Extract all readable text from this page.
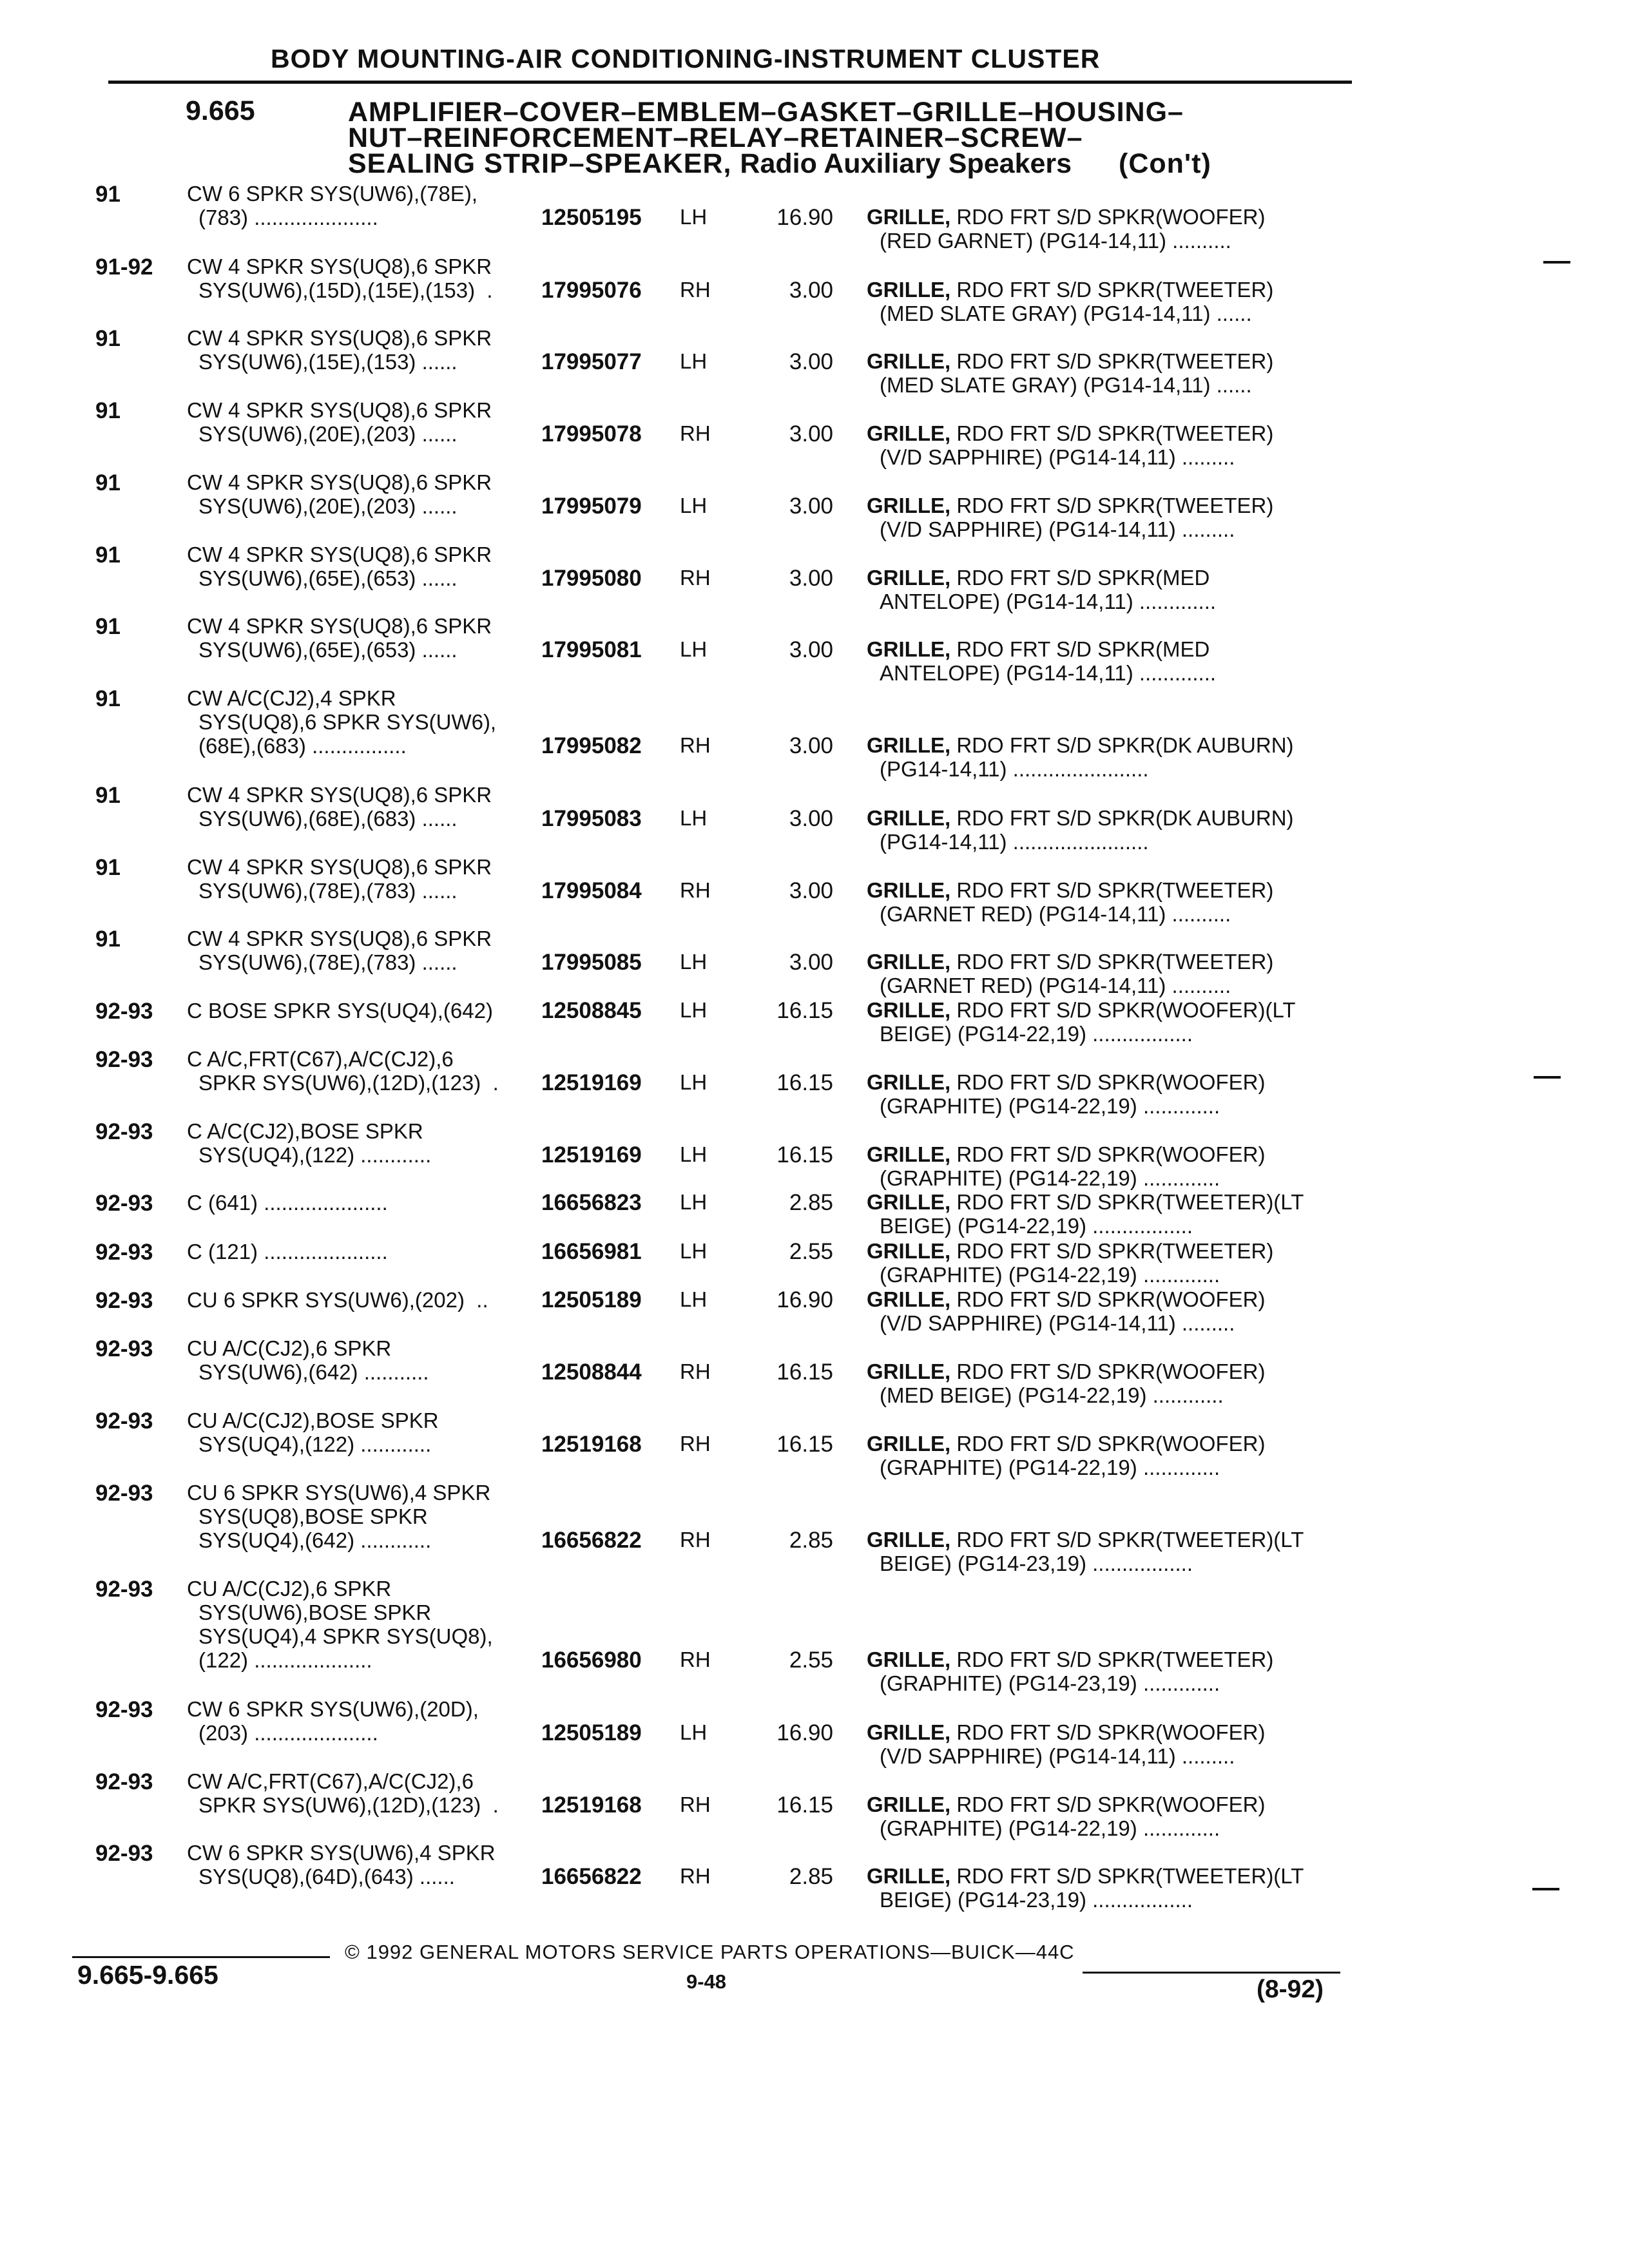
BODY MOUNTING-AIR CONDITIONING-INSTRUMENT CLUSTER
9.665	AMPLIFIER–COVER–EMBLEM–GASKET–GRILLE–HOUSING–
NUT–REINFORCEMENT–RELAY–RETAINER–SCREW–
SEALING STRIP–SPEAKER, Radio Auxiliary Speakers (Con't)
91	CW 6 SPKR SYS(UW6),(78E),
(783) .....................	12505195 LH	16.90 GRILLE, RDO FRT S/D SPKR(WOOFER)
(RED GARNET) (PG14-14,11) ..........
91-92 CW 4 SPKR SYS(UQ8),6 SPKR
SYS(UW6),(15D),(15E),(153)  . 17995076 RH	3.00 GRILLE, RDO FRT S/D SPKR(TWEETER)
(MED SLATE GRAY) (PG14-14,11) ......
91	CW 4 SPKR SYS(UQ8),6 SPKR
SYS(UW6),(15E),(153) ......	17995077 LH	3.00 GRILLE, RDO FRT S/D SPKR(TWEETER)
(MED SLATE GRAY) (PG14-14,11) ......
91	CW 4 SPKR SYS(UQ8),6 SPKR
SYS(UW6),(20E),(203) ......	17995078 RH	3.00 GRILLE, RDO FRT S/D SPKR(TWEETER)
(V/D SAPPHIRE) (PG14-14,11) .........
91	CW 4 SPKR SYS(UQ8),6 SPKR
SYS(UW6),(20E),(203) ......	17995079 LH	3.00 GRILLE, RDO FRT S/D SPKR(TWEETER)
(V/D SAPPHIRE) (PG14-14,11) .........
91	CW 4 SPKR SYS(UQ8),6 SPKR
SYS(UW6),(65E),(653) ......	17995080 RH	3.00 GRILLE, RDO FRT S/D SPKR(MED
ANTELOPE) (PG14-14,11) .............
91	CW 4 SPKR SYS(UQ8),6 SPKR
SYS(UW6),(65E),(653) ......	17995081 LH	3.00 GRILLE, RDO FRT S/D SPKR(MED
ANTELOPE) (PG14-14,11) .............
91	CW A/C(CJ2),4 SPKR
SYS(UQ8),6 SPKR SYS(UW6),
(68E),(683) ................	17995082 RH	3.00 GRILLE, RDO FRT S/D SPKR(DK AUBURN)
(PG14-14,11) .......................
91	CW 4 SPKR SYS(UQ8),6 SPKR
SYS(UW6),(68E),(683) ......	17995083 LH	3.00 GRILLE, RDO FRT S/D SPKR(DK AUBURN)
(PG14-14,11) .......................
91	CW 4 SPKR SYS(UQ8),6 SPKR
SYS(UW6),(78E),(783) ......	17995084 RH	3.00 GRILLE, RDO FRT S/D SPKR(TWEETER)
(GARNET RED) (PG14-14,11) ..........
91	CW 4 SPKR SYS(UQ8),6 SPKR
SYS(UW6),(78E),(783) ......	17995085 LH	3.00 GRILLE, RDO FRT S/D SPKR(TWEETER)
(GARNET RED) (PG14-14,11) ..........
92-93 C BOSE SPKR SYS(UQ4),(642) 12508845 LH	16.15 GRILLE, RDO FRT S/D SPKR(WOOFER)(LT
BEIGE) (PG14-22,19) .................
92-93 C A/C,FRT(C67),A/C(CJ2),6
SPKR SYS(UW6),(12D),(123)  . 12519169 LH	16.15 GRILLE, RDO FRT S/D SPKR(WOOFER)
(GRAPHITE) (PG14-22,19) .............
92-93 C A/C(CJ2),BOSE SPKR
SYS(UQ4),(122) ............	12519169 LH	16.15 GRILLE, RDO FRT S/D SPKR(WOOFER)
(GRAPHITE) (PG14-22,19) .............
92-93 C (641) .....................	16656823 LH	2.85 GRILLE, RDO FRT S/D SPKR(TWEETER)(LT
BEIGE) (PG14-22,19) .................
92-93 C (121) .....................	16656981 LH	2.55 GRILLE, RDO FRT S/D SPKR(TWEETER)
(GRAPHITE) (PG14-22,19) .............
92-93 CU 6 SPKR SYS(UW6),(202)  .. 12505189 LH	16.90 GRILLE, RDO FRT S/D SPKR(WOOFER)
(V/D SAPPHIRE) (PG14-14,11) .........
92-93 CU A/C(CJ2),6 SPKR
SYS(UW6),(642) ...........	12508844 RH	16.15 GRILLE, RDO FRT S/D SPKR(WOOFER)
(MED BEIGE) (PG14-22,19) ............
92-93 CU A/C(CJ2),BOSE SPKR
SYS(UQ4),(122) ............	12519168 RH	16.15 GRILLE, RDO FRT S/D SPKR(WOOFER)
(GRAPHITE) (PG14-22,19) .............
92-93 CU 6 SPKR SYS(UW6),4 SPKR
SYS(UQ8),BOSE SPKR
SYS(UQ4),(642) ............	16656822 RH	2.85 GRILLE, RDO FRT S/D SPKR(TWEETER)(LT
BEIGE) (PG14-23,19) .................
92-93 CU A/C(CJ2),6 SPKR
SYS(UW6),BOSE SPKR
SYS(UQ4),4 SPKR SYS(UQ8),
(122) ....................	16656980 RH	2.55 GRILLE, RDO FRT S/D SPKR(TWEETER)
(GRAPHITE) (PG14-23,19) .............
92-93 CW 6 SPKR SYS(UW6),(20D),
(203) .....................	12505189 LH	16.90 GRILLE, RDO FRT S/D SPKR(WOOFER)
(V/D SAPPHIRE) (PG14-14,11) .........
92-93 CW A/C,FRT(C67),A/C(CJ2),6
SPKR SYS(UW6),(12D),(123)  . 12519168 RH	16.15 GRILLE, RDO FRT S/D SPKR(WOOFER)
(GRAPHITE) (PG14-22,19) .............
92-93 CW 6 SPKR SYS(UW6),4 SPKR
SYS(UQ8),(64D),(643) ......	16656822 RH	2.85 GRILLE, RDO FRT S/D SPKR(TWEETER)(LT
BEIGE) (PG14-23,19) .................
© 1992 GENERAL MOTORS SERVICE PARTS OPERATIONS—BUICK—44C
9.665-9.665	9-48	(8-92)
